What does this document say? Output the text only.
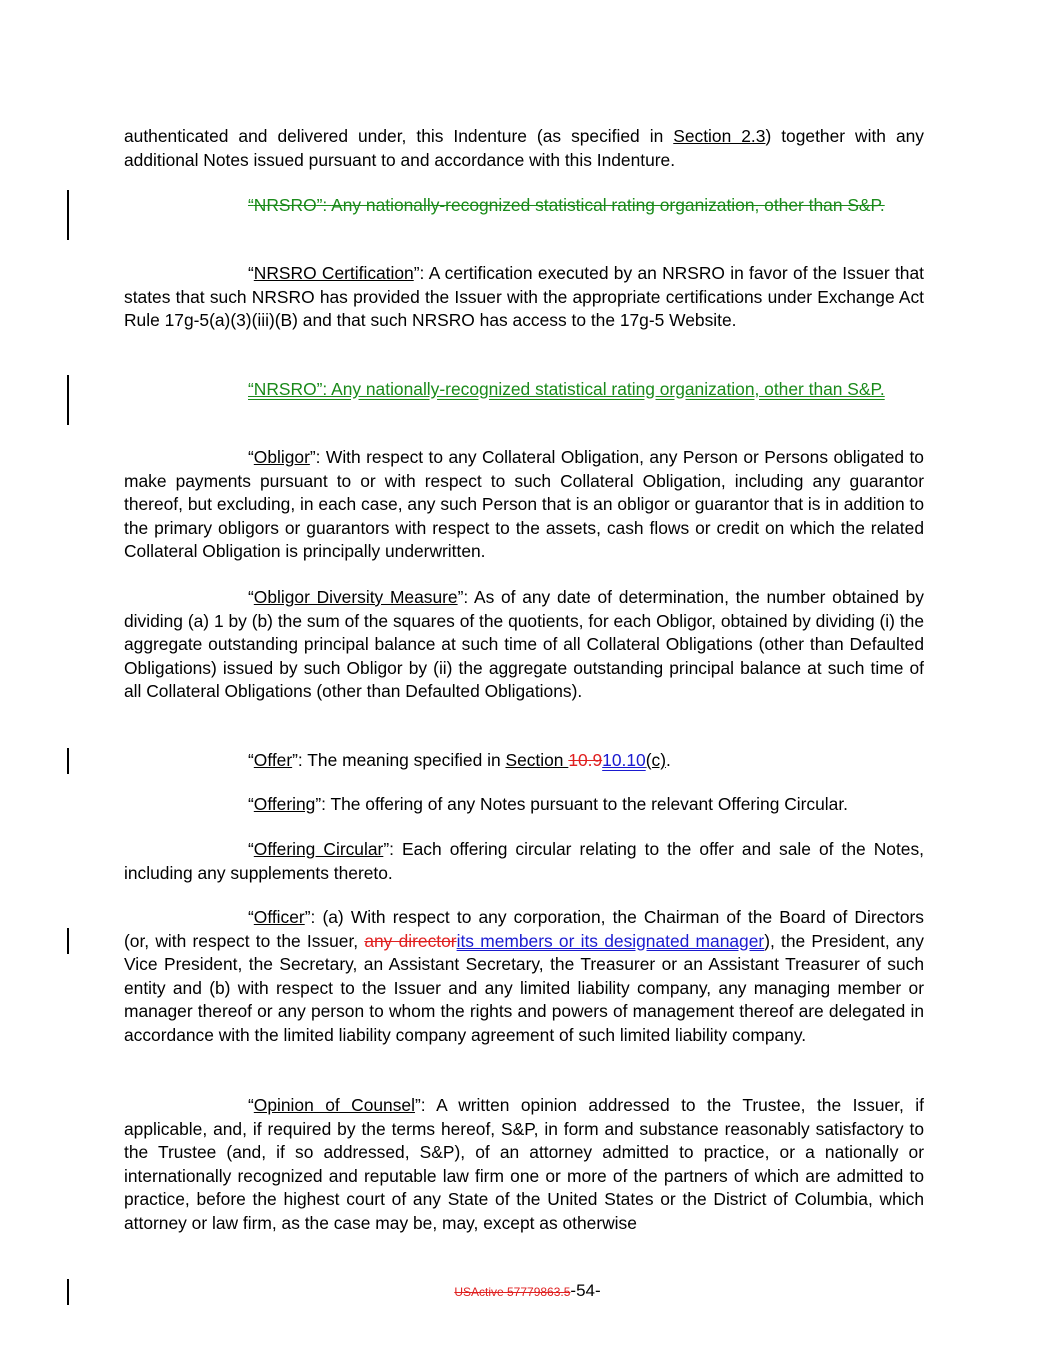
authenticated and delivered under, this Indenture (as specified in Section 2.3) together with any additional Notes issued pursuant to and accordance with this Indenture.
“NRSRO”: Any nationally-recognized statistical rating organization, other than S&P.
“NRSRO Certification”: A certification executed by an NRSRO in favor of the Issuer that states that such NRSRO has provided the Issuer with the appropriate certifications under Exchange Act Rule 17g-5(a)(3)(iii)(B) and that such NRSRO has access to the 17g-5 Website.
“NRSRO”: Any nationally-recognized statistical rating organization, other than S&P.
“Obligor”: With respect to any Collateral Obligation, any Person or Persons obligated to make payments pursuant to or with respect to such Collateral Obligation, including any guarantor thereof, but excluding, in each case, any such Person that is an obligor or guarantor that is in addition to the primary obligors or guarantors with respect to the assets, cash flows or credit on which the related Collateral Obligation is principally underwritten.
“Obligor Diversity Measure”: As of any date of determination, the number obtained by dividing (a) 1 by (b) the sum of the squares of the quotients, for each Obligor, obtained by dividing (i) the aggregate outstanding principal balance at such time of all Collateral Obligations (other than Defaulted Obligations) issued by such Obligor by (ii) the aggregate outstanding principal balance at such time of all Collateral Obligations (other than Defaulted Obligations).
“Offer”: The meaning specified in Section 10.910.10(c).
“Offering”: The offering of any Notes pursuant to the relevant Offering Circular.
“Offering Circular”: Each offering circular relating to the offer and sale of the Notes, including any supplements thereto.
“Officer”: (a) With respect to any corporation, the Chairman of the Board of Directors (or, with respect to the Issuer, any directorits members or its designated manager), the President, any Vice President, the Secretary, an Assistant Secretary, the Treasurer or an Assistant Treasurer of such entity and (b) with respect to the Issuer and any limited liability company, any managing member or manager thereof or any person to whom the rights and powers of management thereof are delegated in accordance with the limited liability company agreement of such limited liability company.
“Opinion of Counsel”: A written opinion addressed to the Trustee, the Issuer, if applicable, and, if required by the terms hereof, S&P, in form and substance reasonably satisfactory to the Trustee (and, if so addressed, S&P), of an attorney admitted to practice, or a nationally or internationally recognized and reputable law firm one or more of the partners of which are admitted to practice, before the highest court of any State of the United States or the District of Columbia, which attorney or law firm, as the case may be, may, except as otherwise
USActive 57779863.5-54-
